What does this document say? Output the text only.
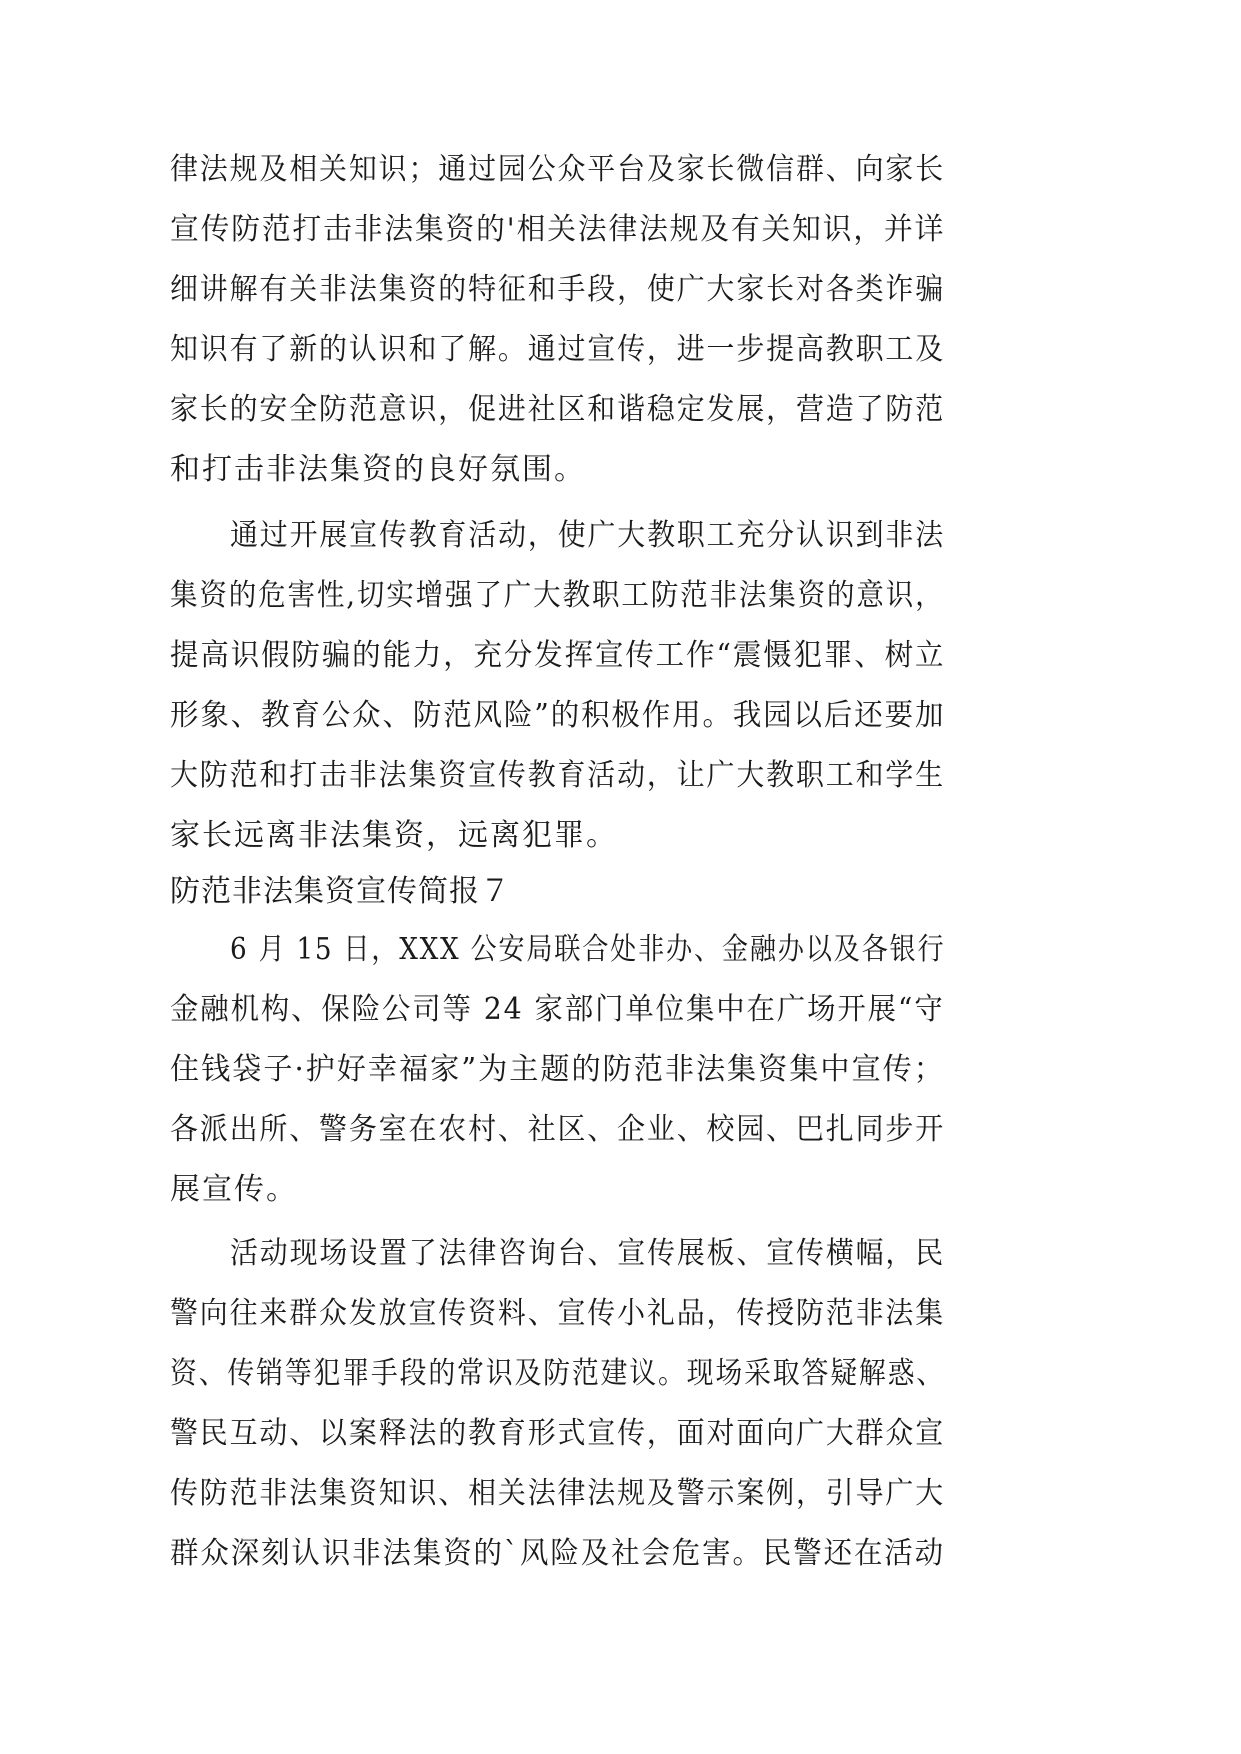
律法规及相关知识；通过园公众平台及家长微信群、向家长
宣传防范打击非法集资的'相关法律法规及有关知识，并详
细讲解有关非法集资的特征和手段，使广大家长对各类诈骗
知识有了新的认识和了解。通过宣传，进一步提高教职工及
家长的安全防范意识，促进社区和谐稳定发展，营造了防范
和打击非法集资的良好氛围。
通过开展宣传教育活动，使广大教职工充分认识到非法
集资的危害性,切实增强了广大教职工防范非法集资的意识，
提高识假防骗的能力，充分发挥宣传工作“震慑犯罪、树立
形象、教育公众、防范风险”的积极作用。我园以后还要加
大防范和打击非法集资宣传教育活动，让广大教职工和学生
家长远离非法集资，远离犯罪。
防范非法集资宣传简报７
6 月 15 日，XXX 公安局联合处非办、金融办以及各银行
金融机构、保险公司等 24 家部门单位集中在广场开展“守
住钱袋子·护好幸福家”为主题的防范非法集资集中宣传；
各派出所、警务室在农村、社区、企业、校园、巴扎同步开
展宣传。
活动现场设置了法律咨询台、宣传展板、宣传横幅，民
警向往来群众发放宣传资料、宣传小礼品，传授防范非法集
资、传销等犯罪手段的常识及防范建议。现场采取答疑解惑、
警民互动、以案释法的教育形式宣传，面对面向广大群众宣
传防范非法集资知识、相关法律法规及警示案例，引导广大
群众深刻认识非法集资的`风险及社会危害。民警还在活动
